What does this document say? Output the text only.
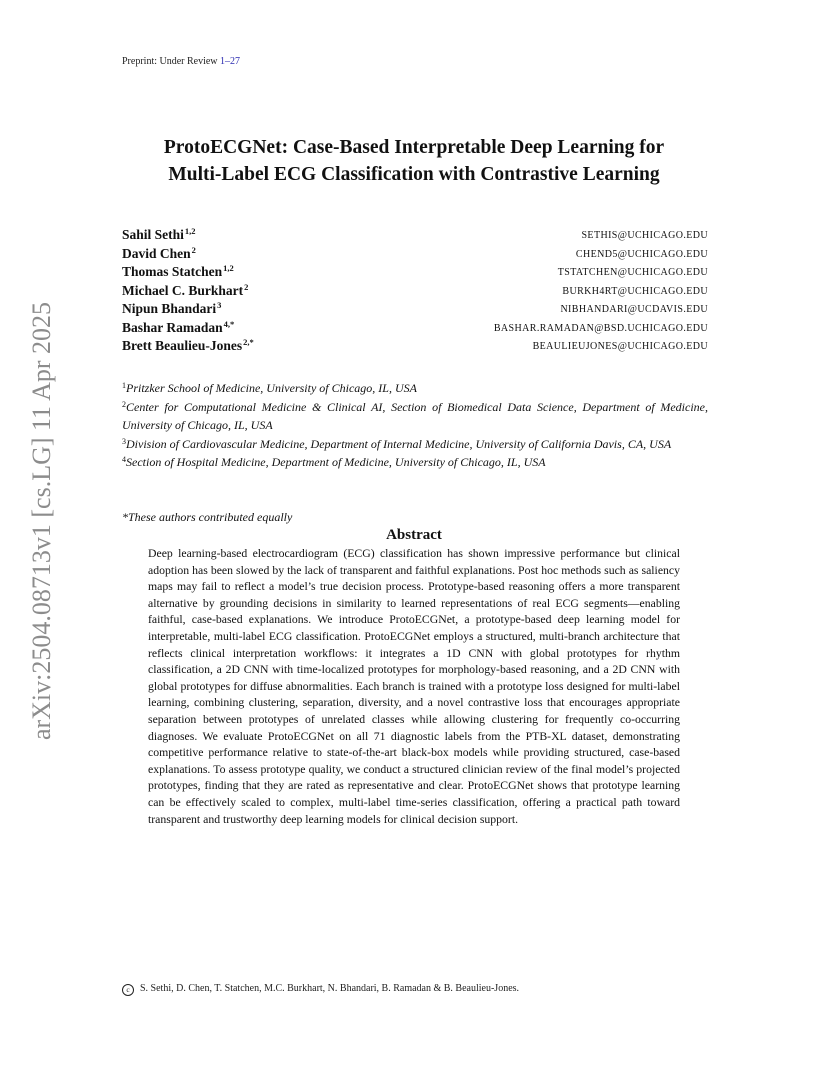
Preprint: Under Review 1–27
ProtoECGNet: Case-Based Interpretable Deep Learning for
Multi-Label ECG Classification with Contrastive Learning
Sahil Sethi$^{1,2}$	SETHIS@UCHICAGO.EDU
David Chen$^2$	CHEND5@UCHICAGO.EDU
Thomas Statchen$^{1,2}$	TSTATCHEN@UCHICAGO.EDU
Michael C. Burkhart$^2$	BURKH4RT@UCHICAGO.EDU
Nipun Bhandari$^3$	NIBHANDARI@UCDAVIS.EDU
Bashar Ramadan$^{4,*}$	BASHAR.RAMADAN@BSD.UCHICAGO.EDU
Brett Beaulieu-Jones$^{2,*}$	BEAULIEUJONES@UCHICAGO.EDU

$^1$Pritzker School of Medicine, University of Chicago, IL, USA

$^2$Center for Computational Medicine & Clinical AI, Section of Biomedical Data Science, Department of Medicine, University of Chicago, IL, USA

$^3$Division of Cardiovascular Medicine, Department of Internal Medicine, University of California Davis, CA, USA

$^4$Section of Hospital Medicine, Department of Medicine, University of Chicago, IL, USA

*These authors contributed equally
Abstract

Deep learning-based electrocardiogram (ECG) classification has shown impressive performance but clinical adoption has been slowed by the lack of transparent and faithful explanations. Post hoc methods such as saliency maps may fail to reflect a model’s true decision process. Prototype-based reasoning offers a more transparent alternative by grounding decisions in similarity to learned representations of real ECG segments—enabling faithful, case-based explanations. We introduce ProtoECGNet, a prototype-based deep learning model for interpretable, multi-label ECG classification. ProtoECGNet employs a structured, multi-branch architecture that reflects clinical interpretation workflows: it integrates a 1D CNN with global prototypes for rhythm classification, a 2D CNN with time-localized prototypes for morphology-based reasoning, and a 2D CNN with global prototypes for diffuse abnormalities. Each branch is trained with a prototype loss designed for multi-label learning, combining clustering, separation, diversity, and a novel contrastive loss that encourages appropriate separation between prototypes of unrelated classes while allowing clustering for frequently co-occurring diagnoses. We evaluate ProtoECGNet on all 71 diagnostic labels from the PTB-XL dataset, demonstrating competitive performance relative to state-of-the-art black-box models while providing structured, case-based explanations. To assess prototype quality, we conduct a structured clinician review of the final model’s projected prototypes, finding that they are rated as representative and clear. ProtoECGNet shows that prototype learning can be effectively scaled to complex, multi-label time-series classification, offering a practical path toward transparent and trustworthy deep learning models for clinical decision support.

arXiv:2504.08713v1 [cs.LG] 11 Apr 2025
c S. Sethi, D. Chen, T. Statchen, M.C. Burkhart, N. Bhandari, B. Ramadan & B. Beaulieu-Jones.
